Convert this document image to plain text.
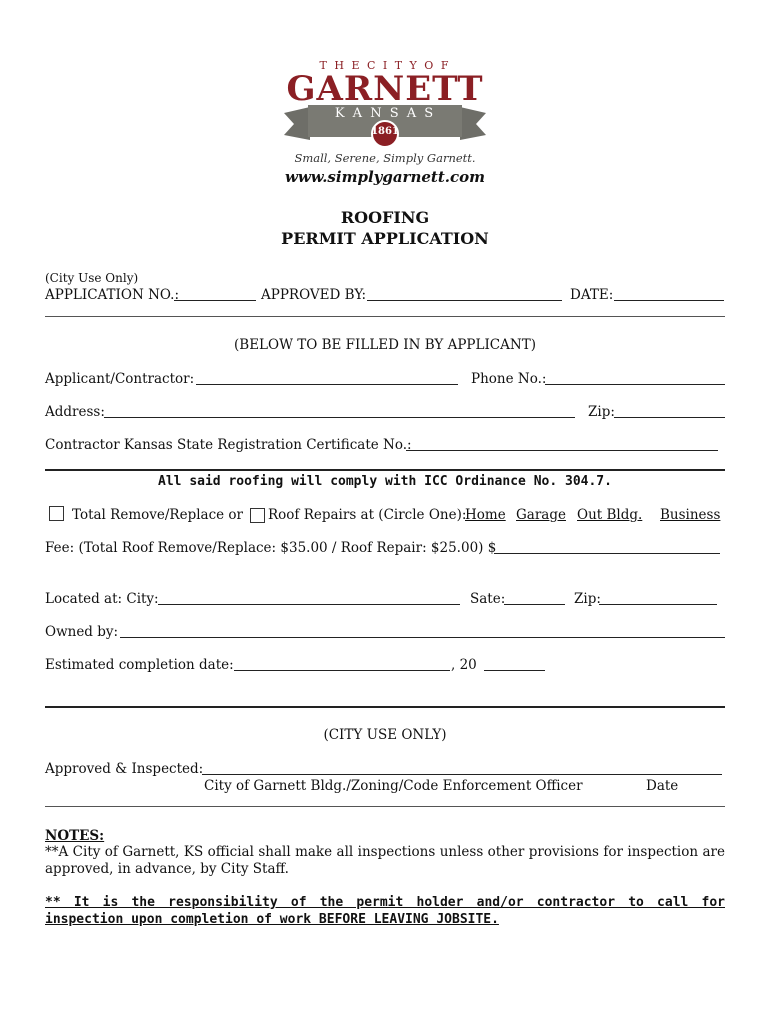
T H E C I T Y O F
GARNETT
K A N S A S
1861
Small, Serene, Simply Garnett.
www.simplygarnett.com
ROOFING
PERMIT APPLICATION
(City Use Only)
APPLICATION NO.:	APPROVED BY:	DATE:
(BELOW TO BE FILLED IN BY APPLICANT)
Applicant/Contractor:	Phone No.:
Address:	Zip:
Contractor Kansas State Registration Certificate No.:
All said roofing will comply with ICC Ordinance No. 304.7.
Total Remove/Replace or Roof Repairs at (Circle One):
Home Garage Out Bldg. Business
Fee: (Total Roof Remove/Replace: $35.00 / Roof Repair: $25.00) $
Located at: City:	Sate:	Zip:
Owned by:
Estimated completion date:	, 20
(CITY USE ONLY)
Approved & Inspected:
City of Garnett Bldg./Zoning/Code Enforcement Officer	Date
NOTES:
**A City of Garnett, KS official shall make all inspections unless other provisions for inspection are approved, in advance, by City Staff.
** It is the responsibility of the permit holder and/or contractor to call for inspection upon completion of work BEFORE LEAVING JOBSITE.
